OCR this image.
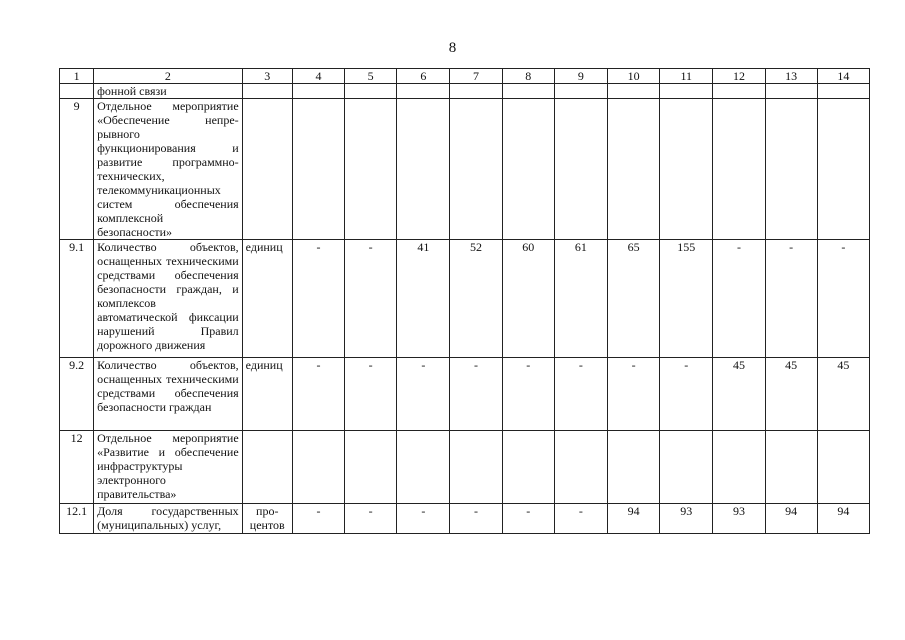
8
1	2	3	4	5	6	7	8	9	10	11	12	13	14
	фонной связи												
9	Отдельное мероприятие «Обеспечение непре-рывного функционирования и развитие программно-технических, телекоммуникационных систем обеспечения комплексной безопасности»												
9.1	Количество объектов, оснащенных техническими средствами обеспечения безопасности граждан, и комплексов автоматической фиксации нарушений Правил дорожного движения	единиц	-	-	41	52	60	61	65	155	-	-	-
9.2	Количество объектов, оснащенных техническими средствами обеспечения безопасности граждан	единиц	-	-	-	-	-	-	-	-	45	45	45
12	Отдельное мероприятие «Развитие и обеспечение инфраструктуры электронного правительства»												
12.1	Доля государственных (муниципальных) услуг,	про-центов	-	-	-	-	-	-	94	93	93	94	94
